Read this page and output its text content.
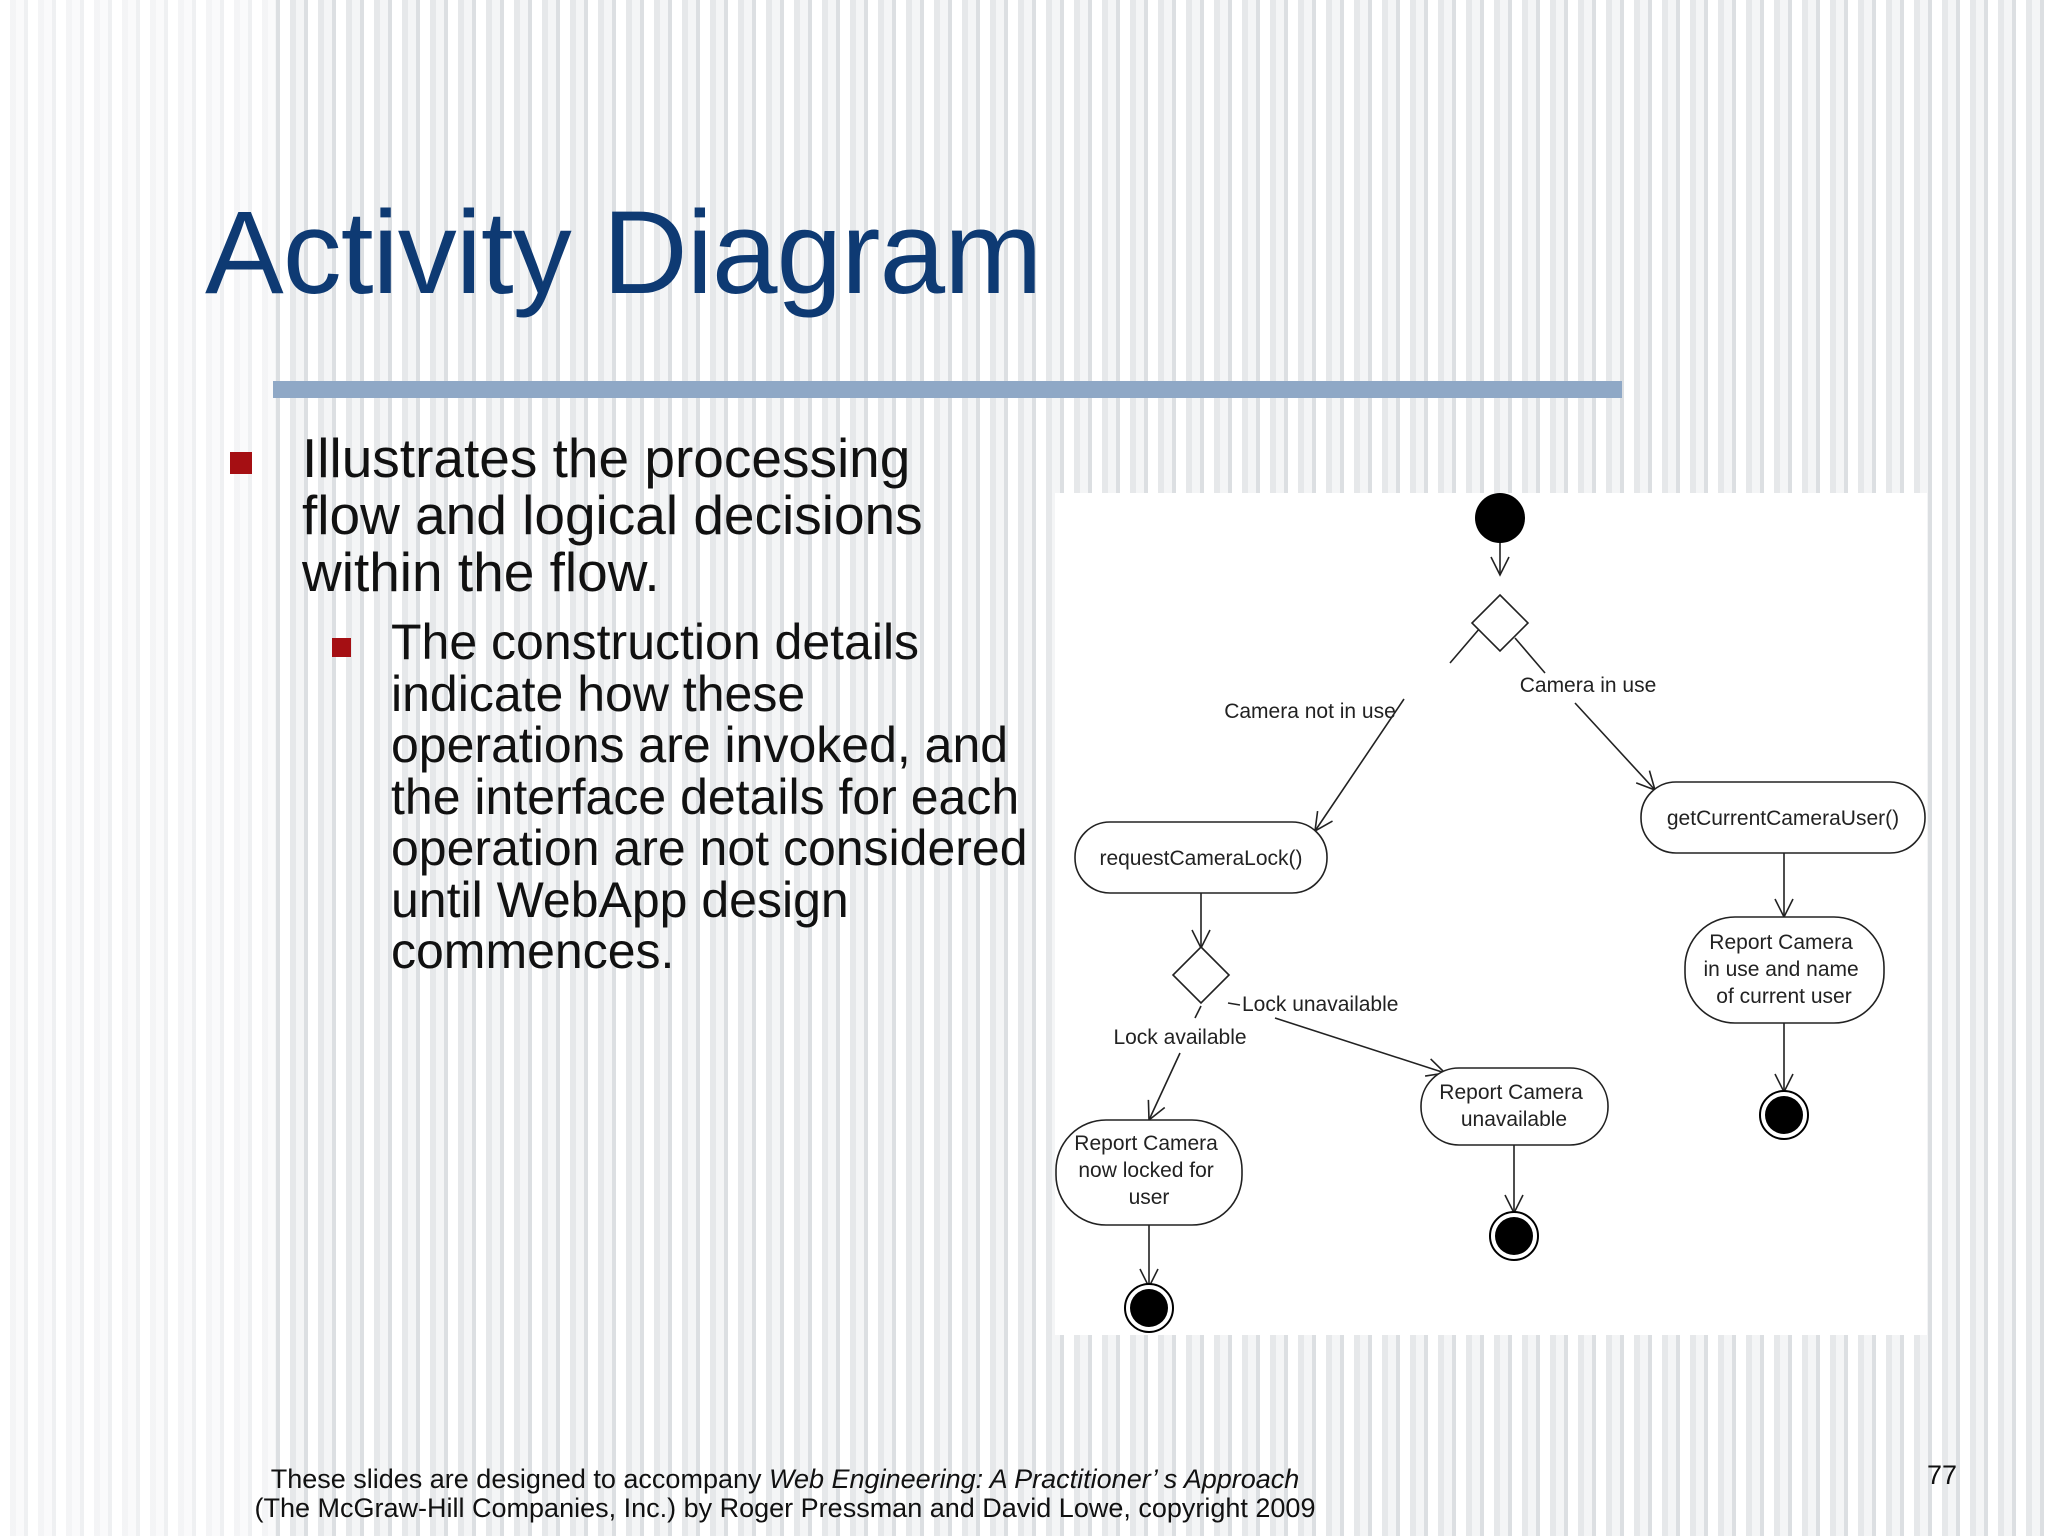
Activity Diagram
Illustrates the processing flow and logical decisions within the flow.
The construction details indicate how these operations are invoked, and the interface details for each operation are not considered until WebApp design commences.
Camera not in use
Camera in use
Lock unavailable
Lock available
requestCameraLock()
getCurrentCameraUser()
Report Camera in use and name of current user
Report Camera unavailable
Report Camera now locked for user
These slides are designed to accompany Web Engineering: A Practitioner’ s Approach
(The McGraw-Hill Companies, Inc.) by Roger Pressman and David Lowe, copyright 2009
77
